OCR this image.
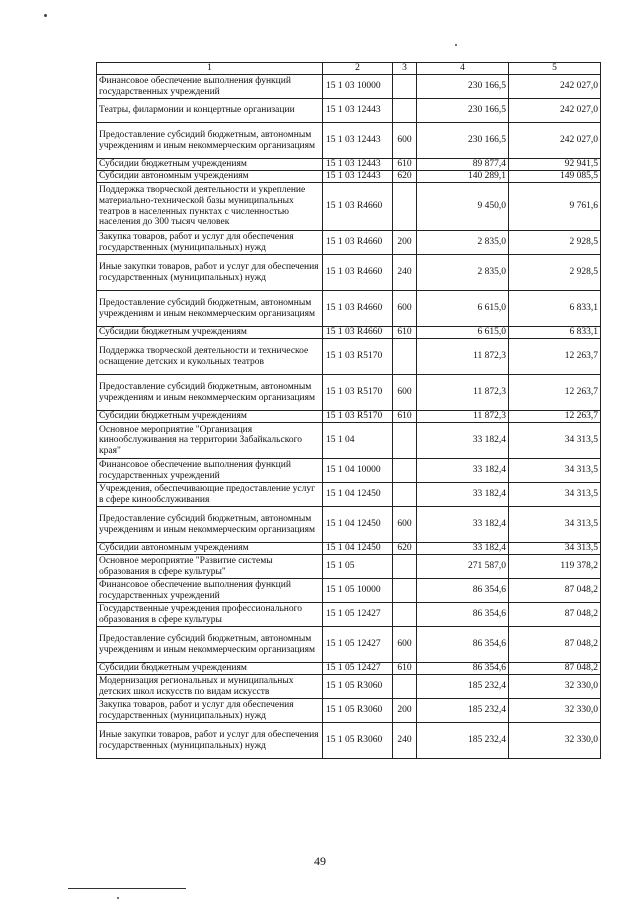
1	2	3	4	5
Финансовое обеспечение выполнения функций государственных учреждений	15 1 03 10000		230 166,5	242 027,0
Театры, филармонии и концертные организации	15 1 03 12443		230 166,5	242 027,0
Предоставление субсидий бюджетным, автономным учреждениям и иным некоммерческим организациям	15 1 03 12443	600	230 166,5	242 027,0
Субсидии бюджетным учреждениям	15 1 03 12443	610	89 877,4	92 941,5
Субсидии автономным учреждениям	15 1 03 12443	620	140 289,1	149 085,5
Поддержка творческой деятельности и укрепление материально-технической базы муниципальных театров в населенных пунктах с численностью населения до 300 тысяч человек	15 1 03 R4660		9 450,0	9 761,6
Закупка товаров, работ и услуг для обеспечения государственных (муниципальных) нужд	15 1 03 R4660	200	2 835,0	2 928,5
Иные закупки товаров, работ и услуг для обеспечения государственных (муниципальных) нужд	15 1 03 R4660	240	2 835,0	2 928,5
Предоставление субсидий бюджетным, автономным учреждениям и иным некоммерческим организациям	15 1 03 R4660	600	6 615,0	6 833,1
Субсидии бюджетным учреждениям	15 1 03 R4660	610	6 615,0	6 833,1
Поддержка творческой деятельности и техническое оснащение детских и кукольных театров	15 1 03 R5170		11 872,3	12 263,7
Предоставление субсидий бюджетным, автономным учреждениям и иным некоммерческим организациям	15 1 03 R5170	600	11 872,3	12 263,7
Субсидии бюджетным учреждениям	15 1 03 R5170	610	11 872,3	12 263,7
Основное мероприятие "Организация кинообслуживания на территории Забайкальского края"	15 1 04		33 182,4	34 313,5
Финансовое обеспечение выполнения функций государственных учреждений	15 1 04 10000		33 182,4	34 313,5
Учреждения, обеспечивающие предоставление услуг в сфере кинообслуживания	15 1 04 12450		33 182,4	34 313,5
Предоставление субсидий бюджетным, автономным учреждениям и иным некоммерческим организациям	15 1 04 12450	600	33 182,4	34 313,5
Субсидии автономным учреждениям	15 1 04 12450	620	33 182,4	34 313,5
Основное мероприятие "Развитие системы образования в сфере культуры"	15 1 05		271 587,0	119 378,2
Финансовое обеспечение выполнения функций государственных учреждений	15 1 05 10000		86 354,6	87 048,2
Государственные учреждения профессионального образования в сфере культуры	15 1 05 12427		86 354,6	87 048,2
Предоставление субсидий бюджетным, автономным учреждениям и иным некоммерческим организациям	15 1 05 12427	600	86 354,6	87 048,2
Субсидии бюджетным учреждениям	15 1 05 12427	610	86 354,6	87 048,2
Модернизация региональных и муниципальных детских школ искусств по видам искусств	15 1 05 R3060		185 232,4	32 330,0
Закупка товаров, работ и услуг для обеспечения государственных (муниципальных) нужд	15 1 05 R3060	200	185 232,4	32 330,0
Иные закупки товаров, работ и услуг для обеспечения государственных (муниципальных) нужд	15 1 05 R3060	240	185 232,4	32 330,0
49
